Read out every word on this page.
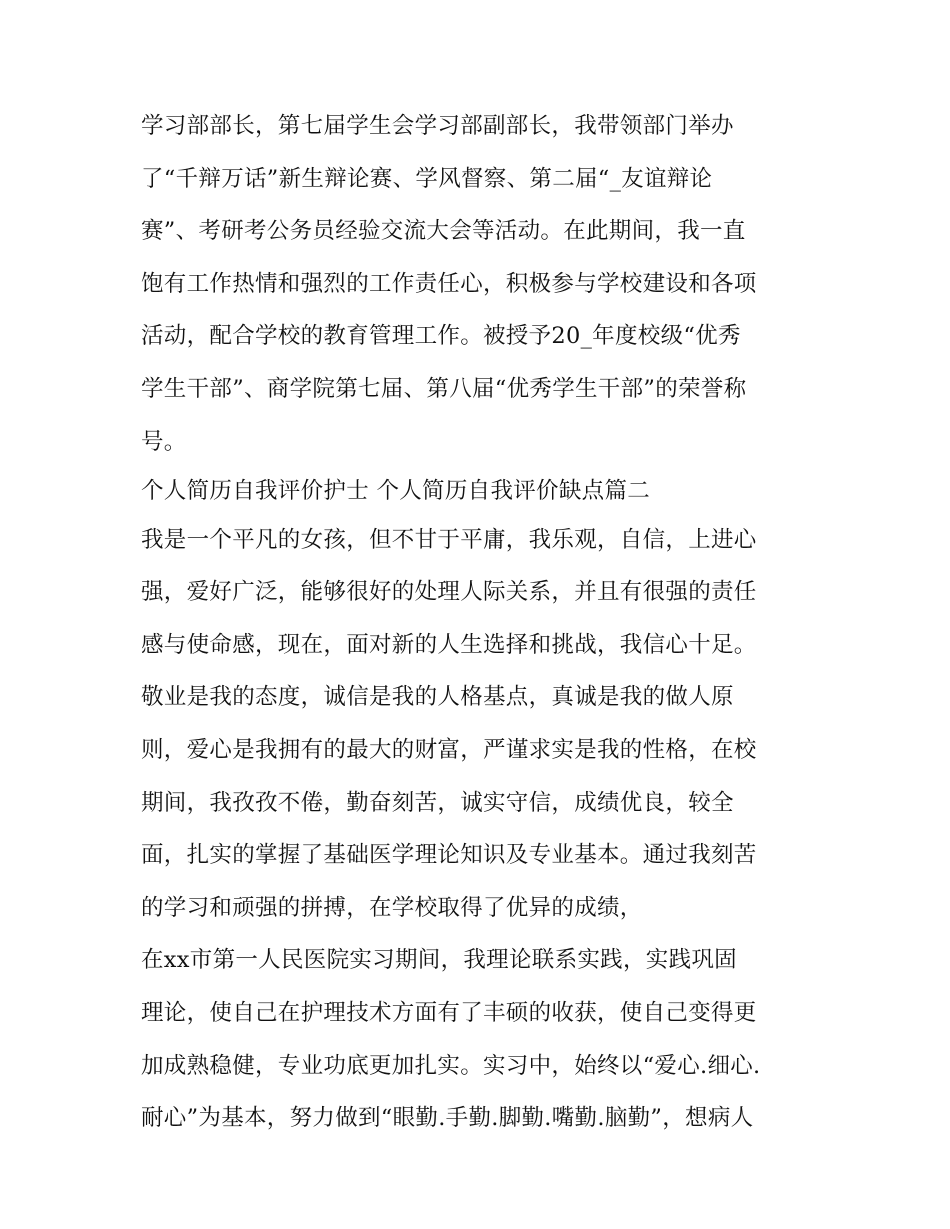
学习部部长，第七届学生会学习部副部长，我带领部门举办
了“千辩万话”新生辩论赛、学风督察、第二届“_友谊辩论
赛”、考研考公务员经验交流大会等活动。在此期间，我一直
饱有工作热情和强烈的工作责任心，积极参与学校建设和各项
活动，配合学校的教育管理工作。被授予20_年度校级“优秀
学生干部”、商学院第七届、第八届“优秀学生干部”的荣誉称
号。
个人简历自我评价护士 个人简历自我评价缺点篇二
我是一个平凡的女孩，但不甘于平庸，我乐观，自信，上进心
强，爱好广泛，能够很好的处理人际关系，并且有很强的责任
感与使命感，现在，面对新的人生选择和挑战，我信心十足。
敬业是我的态度，诚信是我的人格基点，真诚是我的做人原
则，爱心是我拥有的最大的财富，严谨求实是我的性格，在校
期间，我孜孜不倦，勤奋刻苦，诚实守信，成绩优良，较全
面，扎实的掌握了基础医学理论知识及专业基本。通过我刻苦
的学习和顽强的拼搏，在学校取得了优异的成绩，
在xx市第一人民医院实习期间，我理论联系实践，实践巩固
理论，使自己在护理技术方面有了丰硕的收获，使自己变得更
加成熟稳健，专业功底更加扎实。实习中，始终以“爱心.细心.
耐心”为基本，努力做到“眼勤.手勤.脚勤.嘴勤.脑勤”，想病人
